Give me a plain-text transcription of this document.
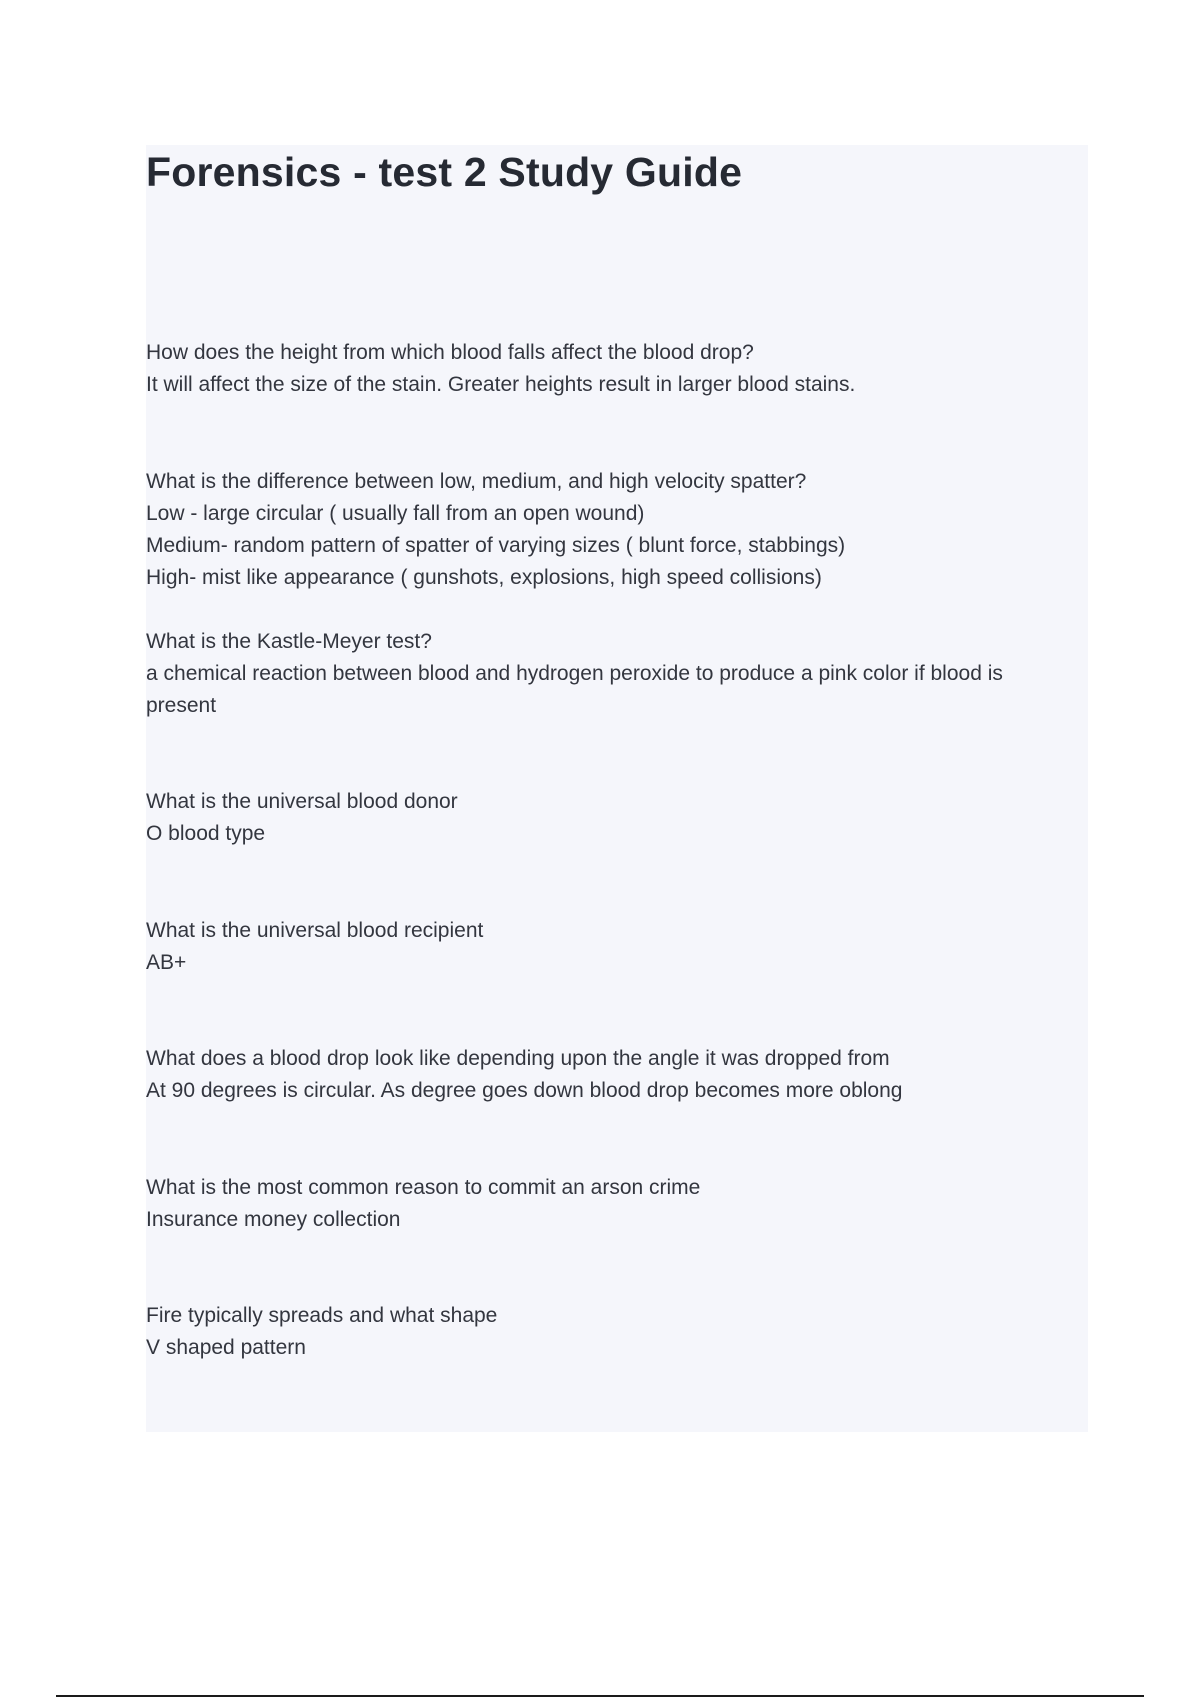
Forensics - test 2 Study Guide
How does the height from which blood falls affect the blood drop?
It will affect the size of the stain. Greater heights result in larger blood stains.
What is the difference between low, medium, and high velocity spatter?
Low - large circular ( usually fall from an open wound)
Medium- random pattern of spatter of varying sizes ( blunt force, stabbings)
High- mist like appearance ( gunshots, explosions, high speed collisions)
What is the Kastle-Meyer test?
a chemical reaction between blood and hydrogen peroxide to produce a pink color if blood is present
What is the universal blood donor
O blood type
What is the universal blood recipient
AB+
What does a blood drop look like depending upon the angle it was dropped from
At 90 degrees is circular. As degree goes down blood drop becomes more oblong
What is the most common reason to commit an arson crime
Insurance money collection
Fire typically spreads and what shape
V shaped pattern
